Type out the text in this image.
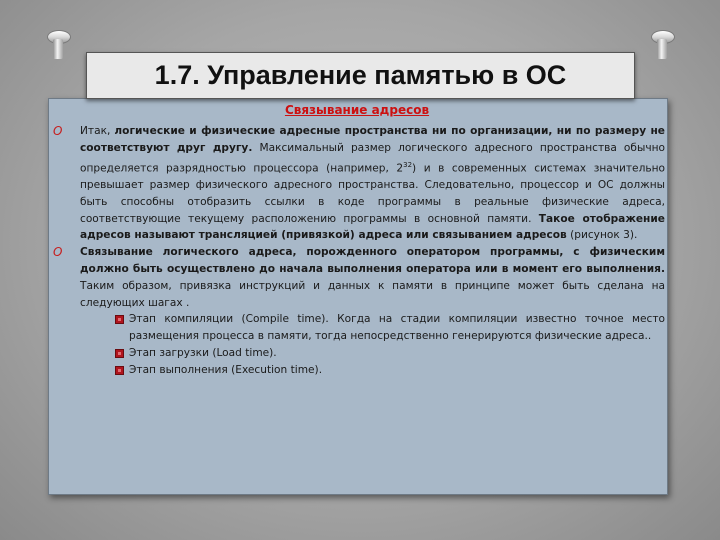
1.7. Управление памятью в ОС
Связывание адресов

O Итак, логические и физические адресные пространства ни по организации, ни по размеру не соответствуют друг другу. Максимальный размер логического адресного пространства обычно определяется разрядностью процессора (например, $2^{32}$) и в современных системах значительно превышает размер физического адресного пространства. Следовательно, процессор и ОС должны быть способны отобразить ссылки в коде программы в реальные физические адреса, соответствующие текущему расположению программы в основной памяти. Такое отображение адресов называют трансляцией (привязкой) адреса или связыванием адресов (рисунок 3).

O Связывание логического адреса, порожденного оператором программы, с физическим должно быть осуществлено до начала выполнения оператора или в момент его выполнения. Таким образом, привязка инструкций и данных к памяти в принципе может быть сделана на следующих шагах .

Этап компиляции (Compile time). Когда на стадии компиляции известно точное место размещения процесса в памяти, тогда непосредственно генерируются физические адреса..
Этап загрузки (Load time).
Этап выполнения (Execution time).
